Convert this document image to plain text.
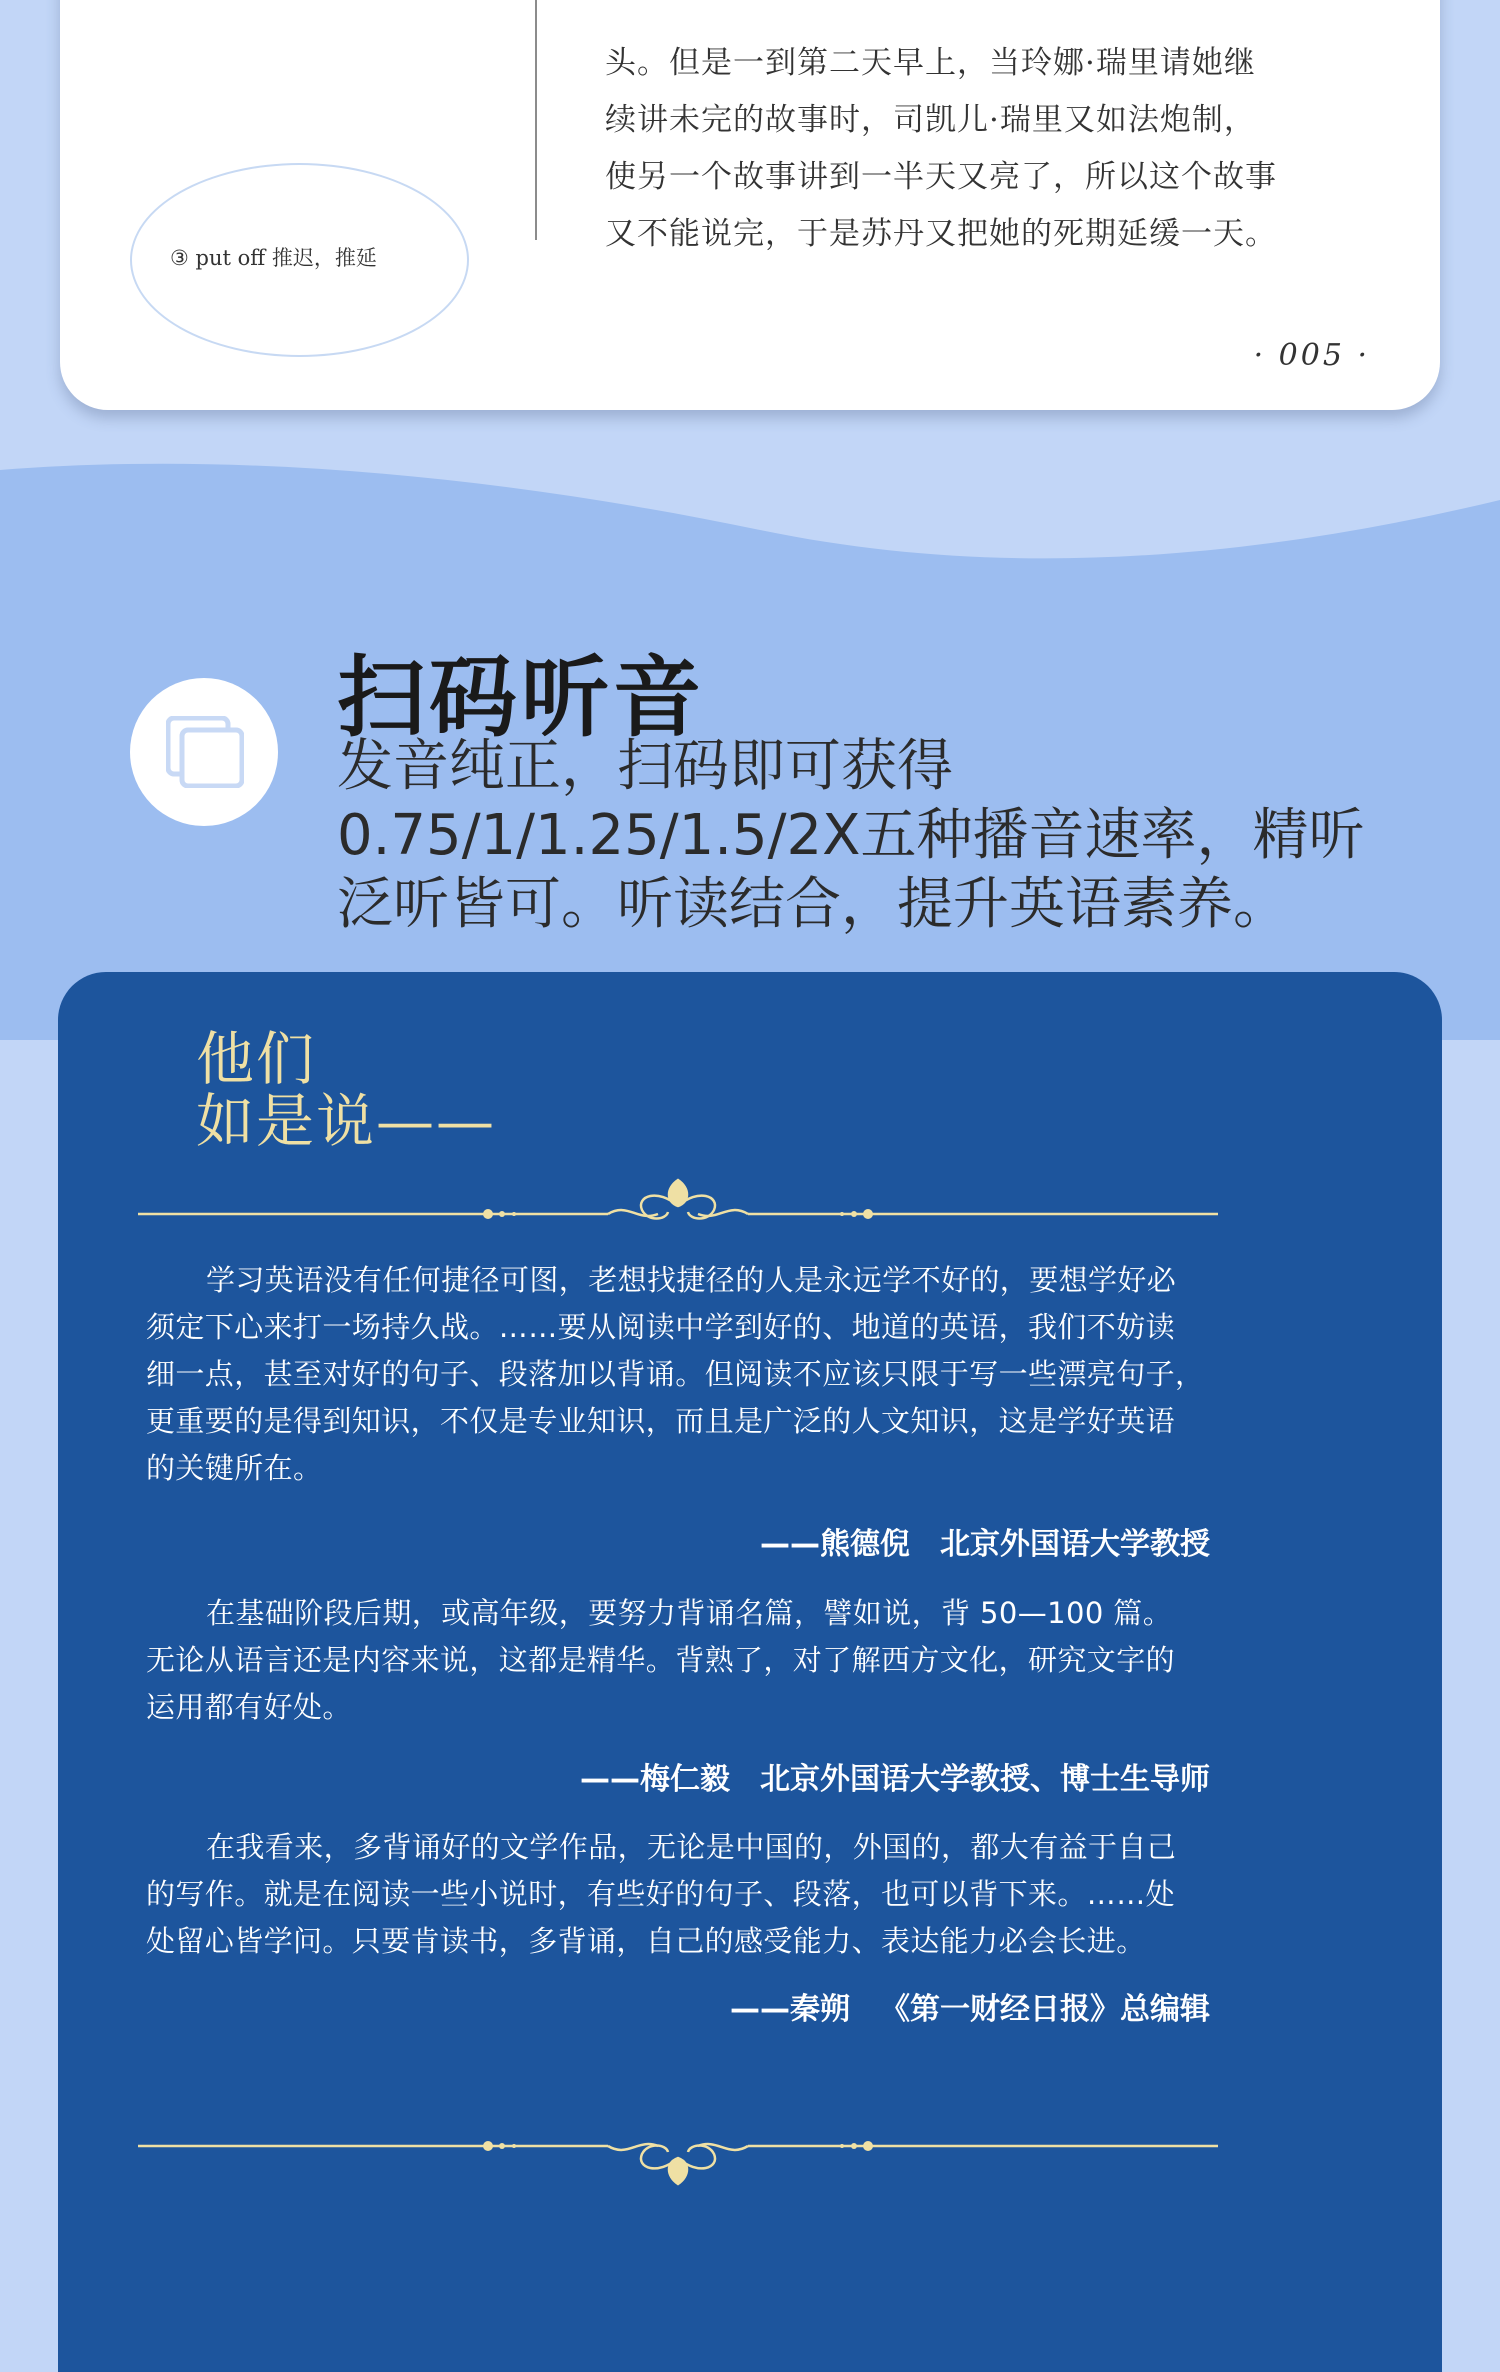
③ put off 推迟，推延
头。但是一到第二天早上，当玲娜·瑞里请她继
续讲未完的故事时，司凯儿·瑞里又如法炮制，
使另一个故事讲到一半天又亮了，所以这个故事
又不能说完，于是苏丹又把她的死期延缓一天。
· 005 ·
扫码听音
发音纯正，扫码即可获得
0.75/1/1.25/1.5/2X五种播音速率，精听
泛听皆可。听读结合，提升英语素养。
他们
如是说——
学习英语没有任何捷径可图，老想找捷径的人是永远学不好的，要想学好必
须定下心来打一场持久战。……要从阅读中学到好的、地道的英语，我们不妨读
细一点，甚至对好的句子、段落加以背诵。但阅读不应该只限于写一些漂亮句子，
更重要的是得到知识，不仅是专业知识，而且是广泛的人文知识，这是学好英语
的关键所在。
——熊德倪 北京外国语大学教授
在基础阶段后期，或高年级，要努力背诵名篇，譬如说，背 50—100 篇。
无论从语言还是内容来说，这都是精华。背熟了，对了解西方文化，研究文字的
运用都有好处。
——梅仁毅 北京外国语大学教授、博士生导师
在我看来，多背诵好的文学作品，无论是中国的，外国的，都大有益于自己
的写作。就是在阅读一些小说时，有些好的句子、段落，也可以背下来。……处
处留心皆学问。只要肯读书，多背诵，自己的感受能力、表达能力必会长进。
——秦朔 《第一财经日报》总编辑
